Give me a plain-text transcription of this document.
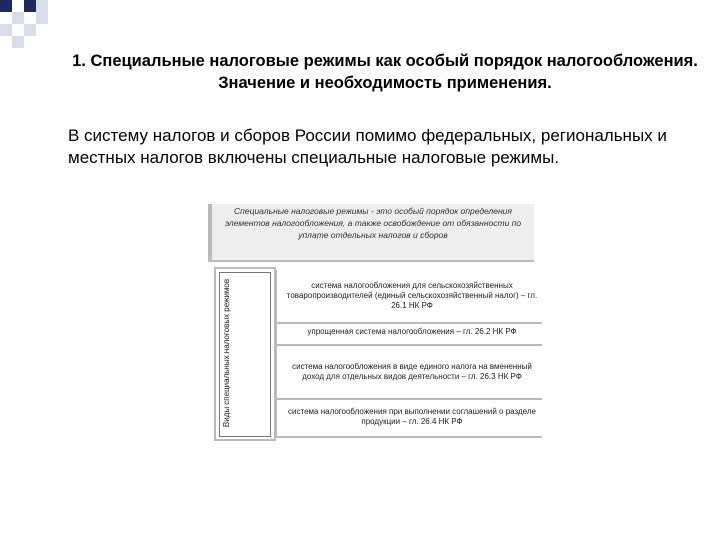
1. Специальные налоговые режимы как особый порядок налогообложения. Значение и необходимость применения.
В систему налогов и сборов России помимо федеральных, региональных и местных налогов включены специальные налоговые режимы.
Специальные налоговые режимы - это особый порядок определения элементов налогообложения, а также освобождение от обязанности по уплате отдельных налогов и сборов
Виды специальных налоговых режимов	система налогообложения для сельскохозяйственных товаропроизводителей (единый сельскохозяйственный налог) – гл. 26.1 НК РФ
упрощенная система налогообложения – гл. 26.2 НК РФ
система налогообложения в виде единого налога на вмененный доход для отдельных видов деятельности – гл. 26.3 НК РФ
система налогообложения при выполнении соглашений о разделе продукции – гл. 26.4 НК РФ
